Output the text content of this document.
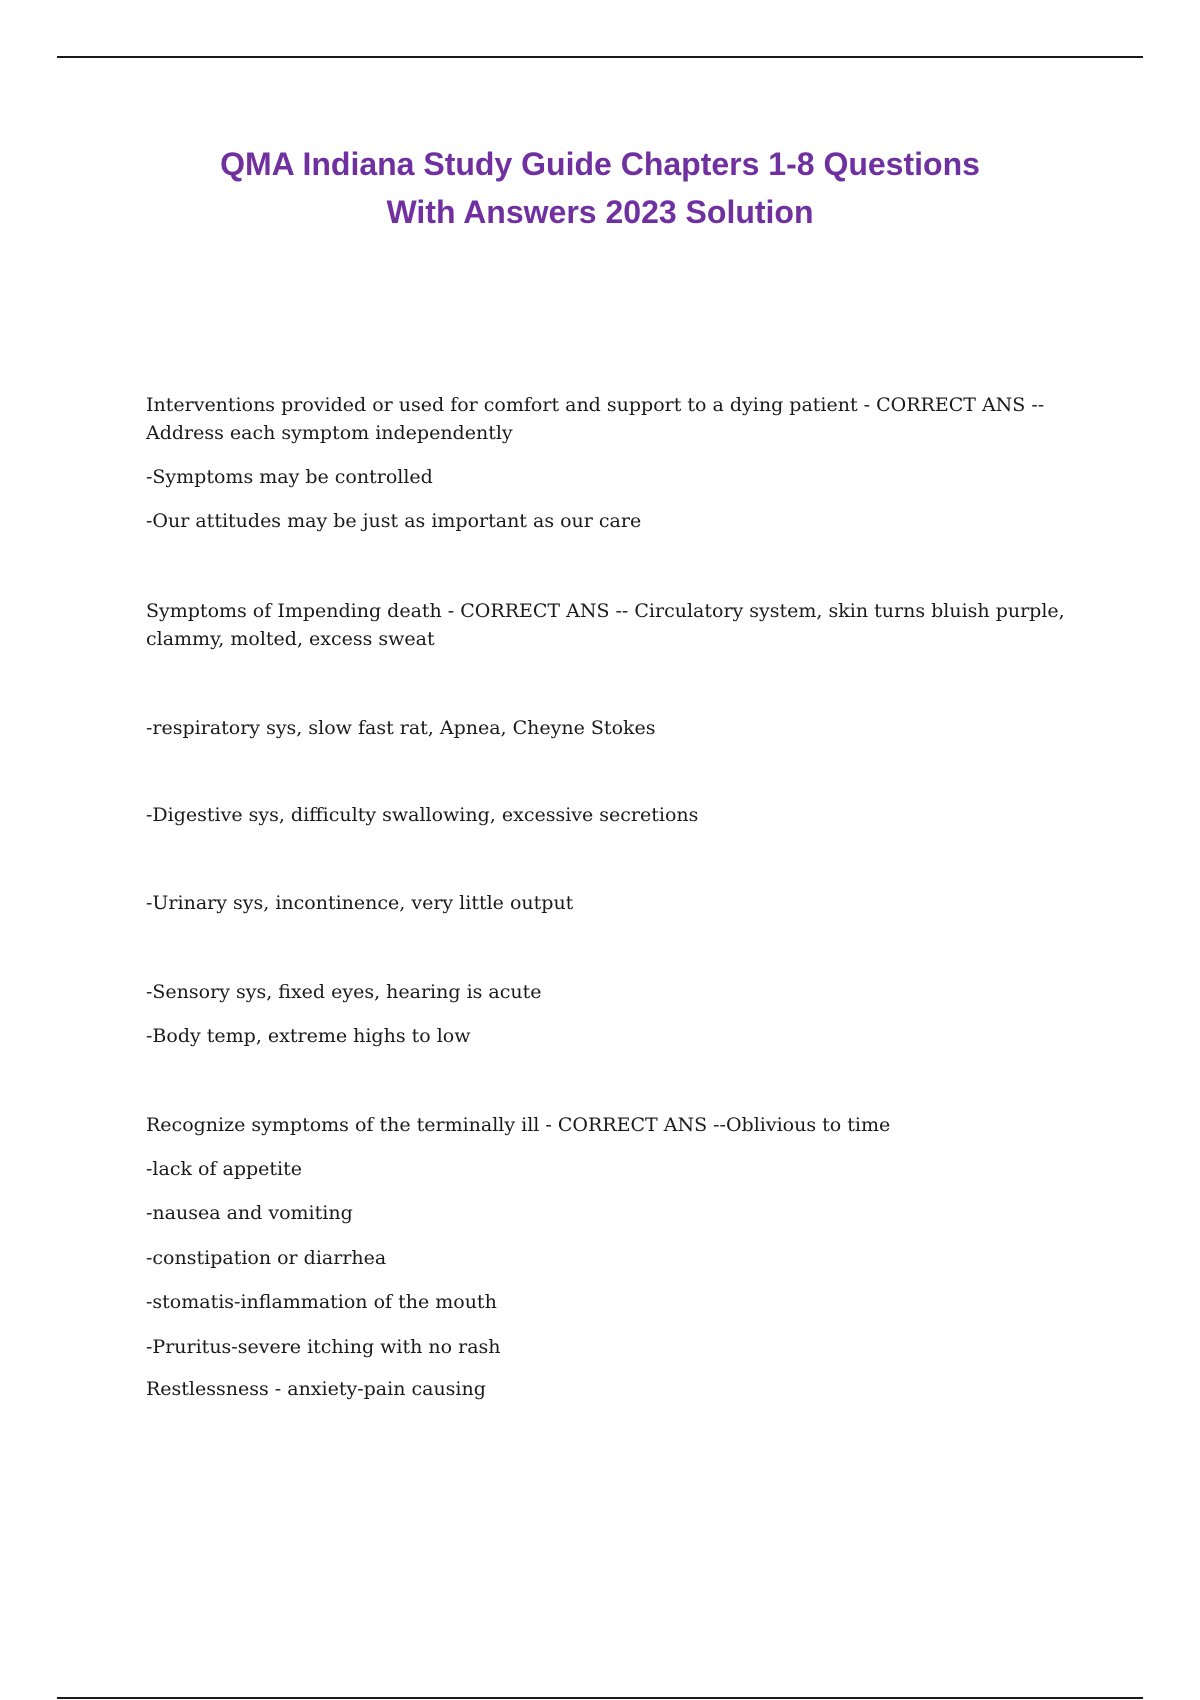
QMA Indiana Study Guide Chapters 1-8 Questions
With Answers 2023 Solution

Interventions provided or used for comfort and support to a dying patient - CORRECT ANS --

Address each symptom independently

-Symptoms may be controlled

-Our attitudes may be just as important as our care

Symptoms of Impending death - CORRECT ANS -- Circulatory system, skin turns bluish purple,

clammy, molted, excess sweat

-respiratory sys, slow fast rat, Apnea, Cheyne Stokes

-Digestive sys, difficulty swallowing, excessive secretions

-Urinary sys, incontinence, very little output

-Sensory sys, fixed eyes, hearing is acute

-Body temp, extreme highs to low

Recognize symptoms of the terminally ill - CORRECT ANS --Oblivious to time

-lack of appetite

-nausea and vomiting

-constipation or diarrhea

-stomatis-inflammation of the mouth

-Pruritus-severe itching with no rash

Restlessness - anxiety-pain causing
